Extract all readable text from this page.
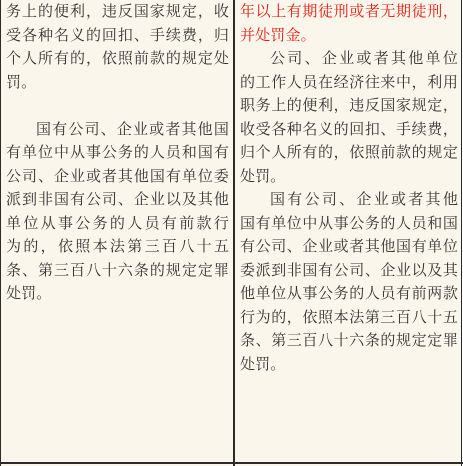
务上的便利，违反国家规定，收
受各种名义的回扣、手续费，归
个人所有的，依照前款的规定处
罚。
国有公司、企业或者其他国
有单位中从事公务的人员和国有
公司、企业或者其他国有单位委
派到非国有公司、企业以及其他
单位从事公务的人员有前款行
为的，依照本法第三百八十五
条、第三百八十六条的规定定罪
处罚。
年以上有期徒刑或者无期徒刑，
并处罚金。
公司、企业或者其他单位
的工作人员在经济往来中，利用
职务上的便利，违反国家规定，
收受各种名义的回扣、手续费，
归个人所有的，依照前款的规定
处罚。
国有公司、企业或者其他
国有单位中从事公务的人员和国
有公司、企业或者其他国有单位
委派到非国有公司、企业以及其
他单位从事公务的人员有前两款
行为的，依照本法第三百八十五
条、第三百八十六条的规定定罪
处罚。
